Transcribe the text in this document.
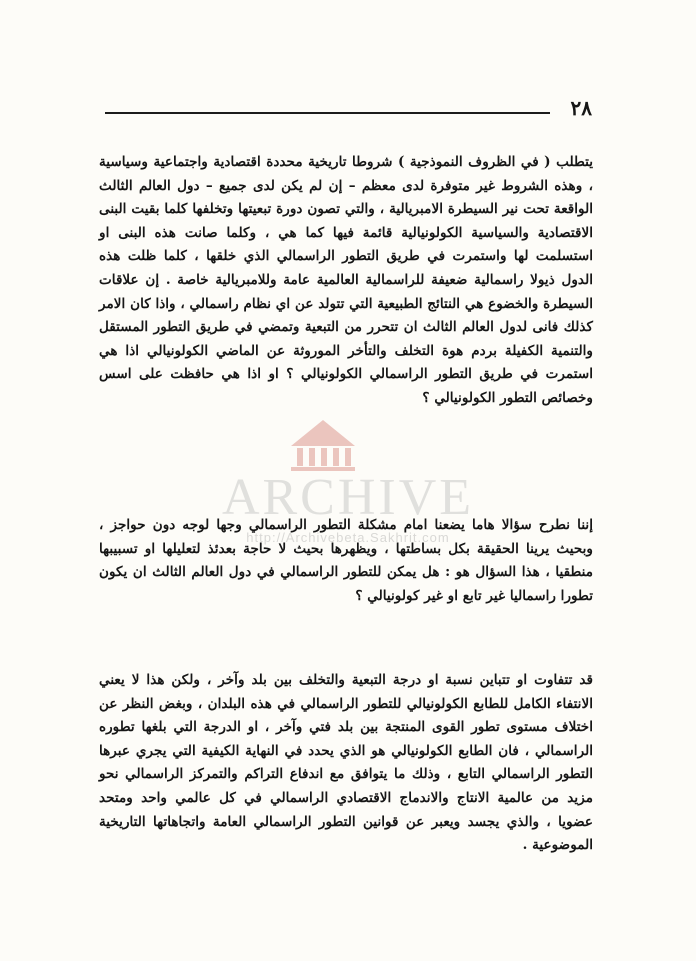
٢٨

يتطلب ( في الظروف النموذجية ) شروطا تاريخية محددة اقتصادية واجتماعية وسياسية ، وهذه الشروط غير متوفرة لدى معظم – إن لم يكن لدى جميع – دول العالم الثالث الواقعة تحت نير السيطرة الامبريالية ، والتي تصون دورة تبعيتها وتخلفها كلما بقيت البنى الاقتصادية والسياسية الكولونيالية قائمة فيها كما هي ، وكلما صانت هذه البنى او استسلمت لها واستمرت في طريق التطور الراسمالي الذي خلقها ، كلما ظلت هذه الدول ذيولا راسمالية ضعيفة للراسمالية العالمية عامة وللامبريالية خاصة . إن علاقات السيطرة والخضوع هي النتائج الطبيعية التي تتولد عن اي نظام راسمالي ، واذا كان الامر كذلك فانى لدول العالم الثالث ان تتحرر من التبعية وتمضي في طريق التطور المستقل والتنمية الكفيلة بردم هوة التخلف والتأخر الموروثة عن الماضي الكولونيالي اذا هي استمرت في طريق التطور الراسمالي الكولونيالي ؟ او اذا هي حافظت على اسس وخصائص التطور الكولونيالي ؟

إننا نطرح سؤالا هاما يضعنا امام مشكلة التطور الراسمالي وجها لوجه دون حواجز ، وبحيث يرينا الحقيقة بكل بساطتها ، ويظهرها بحيث لا حاجة بعدئذ لتعليلها او تسبيبها منطقيا ، هذا السؤال هو : هل يمكن للتطور الراسمالي في دول العالم الثالث ان يكون تطورا راسماليا غير تابع او غير كولونيالي ؟

قد تتفاوت او تتباين نسبة او درجة التبعية والتخلف بين بلد وآخر ، ولكن هذا لا يعني الانتفاء الكامل للطابع الكولونيالي للتطور الراسمالي في هذه البلدان ، وبغض النظر عن اختلاف مستوى تطور القوى المنتجة بين بلد فتي وآخر ، او الدرجة التي بلغها تطوره الراسمالي ، فان الطابع الكولونيالي هو الذي يحدد في النهاية الكيفية التي يجري عبرها التطور الراسمالي التابع ، وذلك ما يتوافق مع اندفاع التراكم والتمركز الراسمالي نحو مزيد من عالمية الانتاج والاندماج الاقتصادي الراسمالي في كل عالمي واحد ومتحد عضويا ، والذي يجسد ويعبر عن قوانين التطور الراسمالي العامة واتجاهاتها التاريخية الموضوعية .

ARCHIVE

http://Archivebeta.Sakhrit.com
